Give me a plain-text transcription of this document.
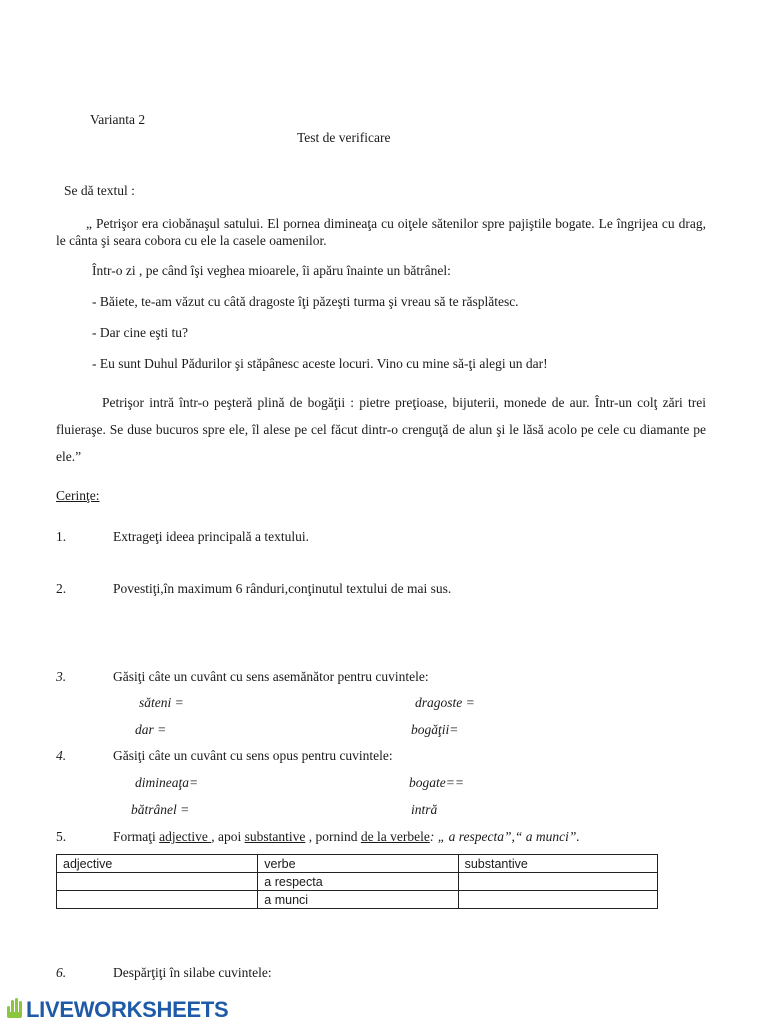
Varianta 2
Test de verificare
Se dă textul :
„ Petrişor era ciobănaşul satului. El pornea dimineaţa cu oiţele sătenilor spre pajiştile bogate. Le îngrijea cu drag, le cânta şi seara cobora cu ele la casele oamenilor.
Într-o zi , pe când îşi veghea mioarele, îi apăru înainte un bătrânel:
- Băiete, te-am văzut cu câtă dragoste îţi păzeşti turma şi vreau să te răsplătesc.
- Dar cine eşti tu?
- Eu sunt Duhul Pădurilor şi stăpânesc aceste locuri. Vino cu mine să-ţi alegi un dar!
Petrişor intră într-o peşteră plină de bogăţii : pietre preţioase, bijuterii, monede de aur. Într-un colţ zări trei fluieraşe. Se duse bucuros spre ele, îl alese pe cel făcut dintr-o crenguţă de alun şi le lăsă acolo pe cele cu diamante pe ele.”
Cerinţe:
1.	Extrageţi ideea principală a textului.
2.	Povestiţi,în maximum 6 rânduri,conţinutul textului de mai sus.
3.	Găsiţi câte un cuvânt cu sens asemănător pentru cuvintele:
săteni =	dragoste =
dar =	bogăţii=
4.	Găsiţi câte un cuvânt cu sens opus pentru cuvintele:
dimineaţa=	bogate==
bătrânel =	intră
5.	Formaţi adjective , apoi substantive , pornind de la verbele: „ a respecta”,“ a munci”.
adjective	verbe	substantive
	a respecta	
	a munci	
6.	Despărţiţi în silabe cuvintele:
LIVEWORKSHEETS
